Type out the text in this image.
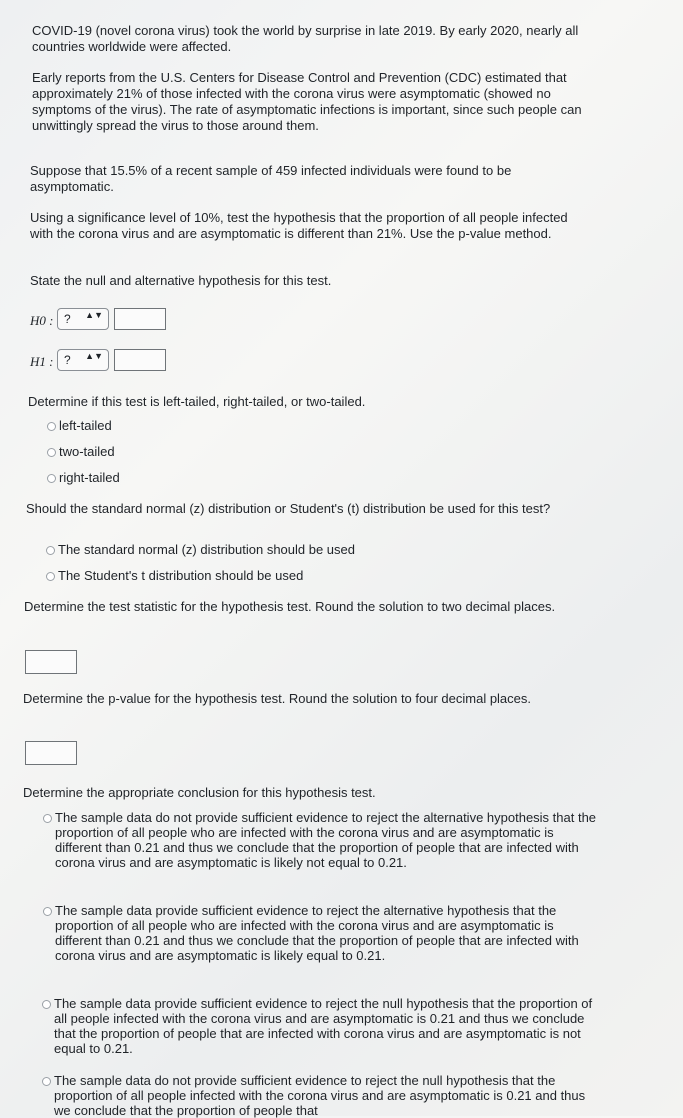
COVID-19 (novel corona virus) took the world by surprise in late 2019. By early 2020, nearly all countries worldwide were affected.

Early reports from the U.S. Centers for Disease Control and Prevention (CDC) estimated that approximately 21% of those infected with the corona virus were asymptomatic (showed no symptoms of the virus). The rate of asymptomatic infections is important, since such people can unwittingly spread the virus to those around them.

Suppose that 15.5% of a recent sample of 459 infected individuals were found to be asymptomatic.

Using a significance level of 10%, test the hypothesis that the proportion of all people infected with the corona virus and are asymptomatic is different than 21%. Use the p-value method.

State the null and alternative hypothesis for this test.

H0 : ? ▲▼
H1 : ? ▲▼

Determine if this test is left-tailed, right-tailed, or two-tailed.

left-tailed
two-tailed
right-tailed

Should the standard normal (z) distribution or Student's (t) distribution be used for this test?

The standard normal (z) distribution should be used
The Student's t distribution should be used

Determine the test statistic for the hypothesis test. Round the solution to two decimal places.

Determine the p-value for the hypothesis test. Round the solution to four decimal places.

Determine the appropriate conclusion for this hypothesis test.

The sample data do not provide sufficient evidence to reject the alternative hypothesis that the proportion of all people who are infected with the corona virus and are asymptomatic is different than 0.21 and thus we conclude that the proportion of people that are infected with corona virus and are asymptomatic is likely not equal to 0.21.
The sample data provide sufficient evidence to reject the alternative hypothesis that the proportion of all people who are infected with the corona virus and are asymptomatic is different than 0.21 and thus we conclude that the proportion of people that are infected with corona virus and are asymptomatic is likely equal to 0.21.
The sample data provide sufficient evidence to reject the null hypothesis that the proportion of all people infected with the corona virus and are asymptomatic is 0.21 and thus we conclude that the proportion of people that are infected with corona virus and are asymptomatic is not equal to 0.21.
The sample data do not provide sufficient evidence to reject the null hypothesis that the proportion of all people infected with the corona virus and are asymptomatic is 0.21 and thus we conclude that the proportion of people that
